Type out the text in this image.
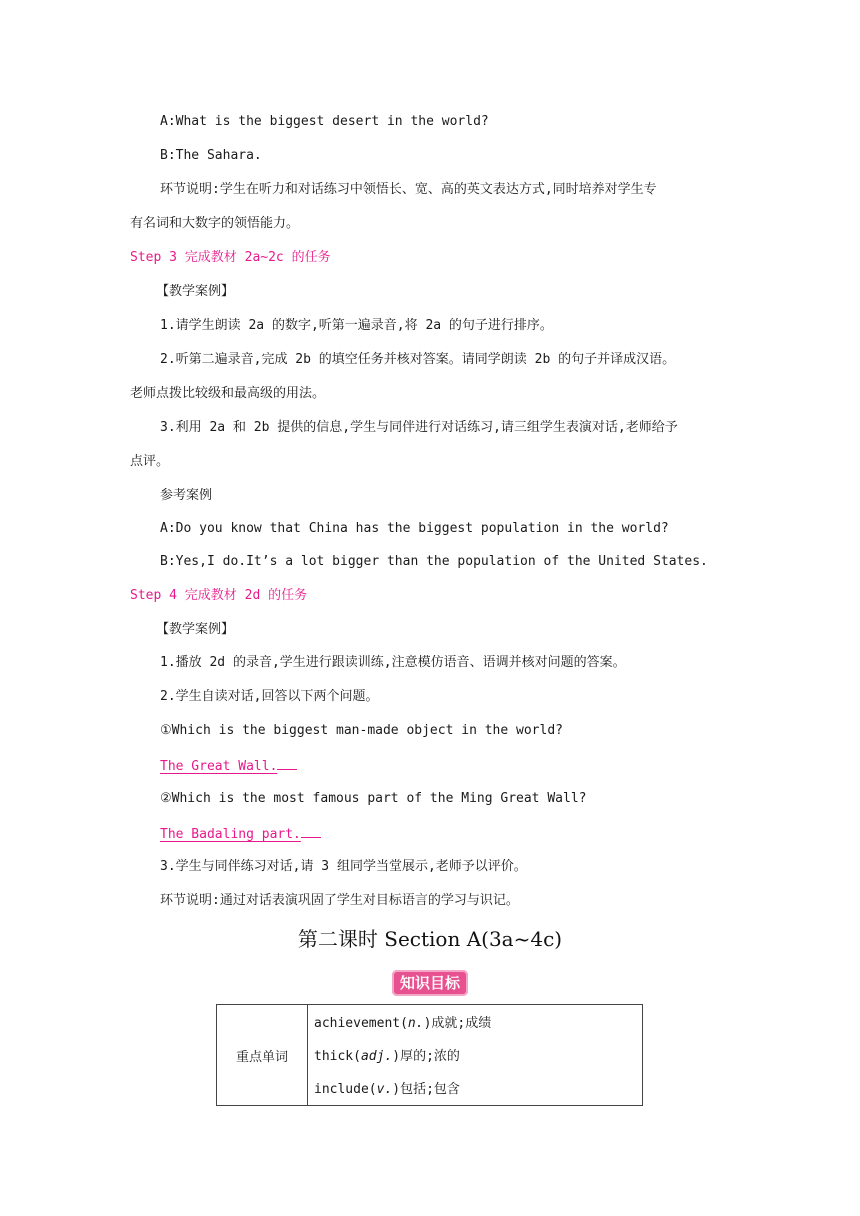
A:What is the biggest desert in the world?
B:The Sahara.
环节说明:学生在听力和对话练习中领悟长、宽、高的英文表达方式,同时培养对学生专
有名词和大数字的领悟能力。
Step 3 完成教材 2a~2c 的任务
【教学案例】
1.请学生朗读 2a 的数字,听第一遍录音,将 2a 的句子进行排序。
2.听第二遍录音,完成 2b 的填空任务并核对答案。请同学朗读 2b 的句子并译成汉语。
老师点拨比较级和最高级的用法。
3.利用 2a 和 2b 提供的信息,学生与同伴进行对话练习,请三组学生表演对话,老师给予
点评。
参考案例
A:Do you know that China has the biggest population in the world?
B:Yes,I do.It’s a lot bigger than the population of the United States.
Step 4 完成教材 2d 的任务
【教学案例】
1.播放 2d 的录音,学生进行跟读训练,注意模仿语音、语调并核对问题的答案。
2.学生自读对话,回答以下两个问题。
①Which is the biggest man-made object in the world?
The Great Wall.
②Which is the most famous part of the Ming Great Wall?
The Badaling part.
3.学生与同伴练习对话,请 3 组同学当堂展示,老师予以评价。
环节说明:通过对话表演巩固了学生对目标语言的学习与识记。
第二课时 Section A(3a~4c)
知识目标
重点单词
achievement(n.)成就;成绩
thick(adj.)厚的;浓的
include(v.)包括;包含
